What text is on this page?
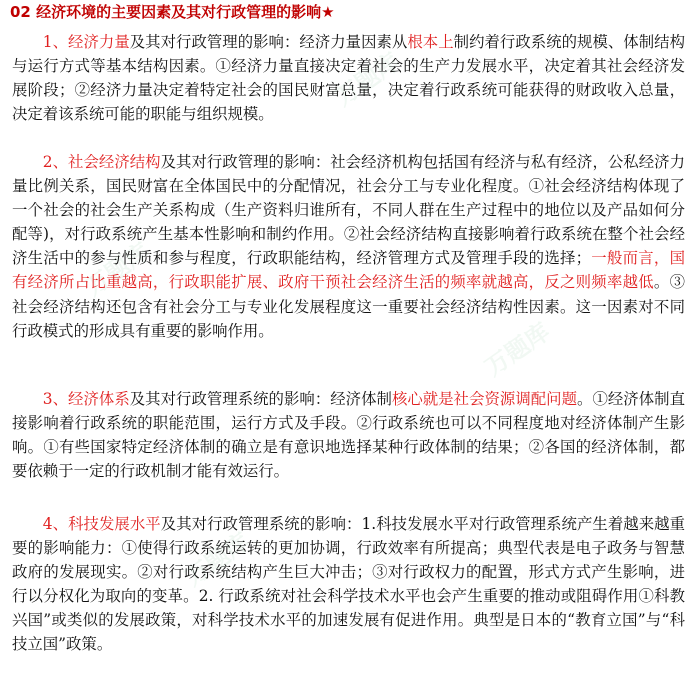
万题库
万题库
万题库
万题库
02 经济环境的主要因素及其对行政管理的影响★

1、经济力量及其对行政管理的影响：经济力量因素从根本上制约着行政系统的规模、体制结构与运行方式等基本结构因素。①经济力量直接决定着社会的生产力发展水平，决定着其社会经济发展阶段；②经济力量决定着特定社会的国民财富总量，决定着行政系统可能获得的财政收入总量，决定着该系统可能的职能与组织规模。

2、社会经济结构及其对行政管理的影响：社会经济机构包括国有经济与私有经济，公私经济力量比例关系，国民财富在全体国民中的分配情况，社会分工与专业化程度。①社会经济结构体现了一个社会的社会生产关系构成（生产资料归谁所有，不同人群在生产过程中的地位以及产品如何分配等)，对行政系统产生基本性影响和制约作用。②社会经济结构直接影响着行政系统在整个社会经济生活中的参与性质和参与程度，行政职能结构，经济管理方式及管理手段的选择；一般而言，国有经济所占比重越高，行政职能扩展、政府干预社会经济生活的频率就越高，反之则频率越低。③社会经济结构还包含有社会分工与专业化发展程度这一重要社会经济结构性因素。这一因素对不同行政模式的形成具有重要的影响作用。

3、经济体系及其对行政管理系统的影响：经济体制核心就是社会资源调配问题。①经济体制直接影响着行政系统的职能范围，运行方式及手段。②行政系统也可以不同程度地对经济体制产生影响。①有些国家特定经济体制的确立是有意识地选择某种行政体制的结果；②各国的经济体制，都要依赖于一定的行政机制才能有效运行。

4、科技发展水平及其对行政管理系统的影响：1.科技发展水平对行政管理系统产生着越来越重要的影响能力：①使得行政系统运转的更加协调，行政效率有所提高；典型代表是电子政务与智慧政府的发展现实。②对行政系统结构产生巨大冲击；③对行政权力的配置，形式方式产生影响，进行以分权化为取向的变革。2. 行政系统对社会科学技术水平也会产生重要的推动或阻碍作用①科教兴国”或类似的发展政策，对科学技术水平的加速发展有促进作用。典型是日本的“教育立国”与“科技立国”政策。
